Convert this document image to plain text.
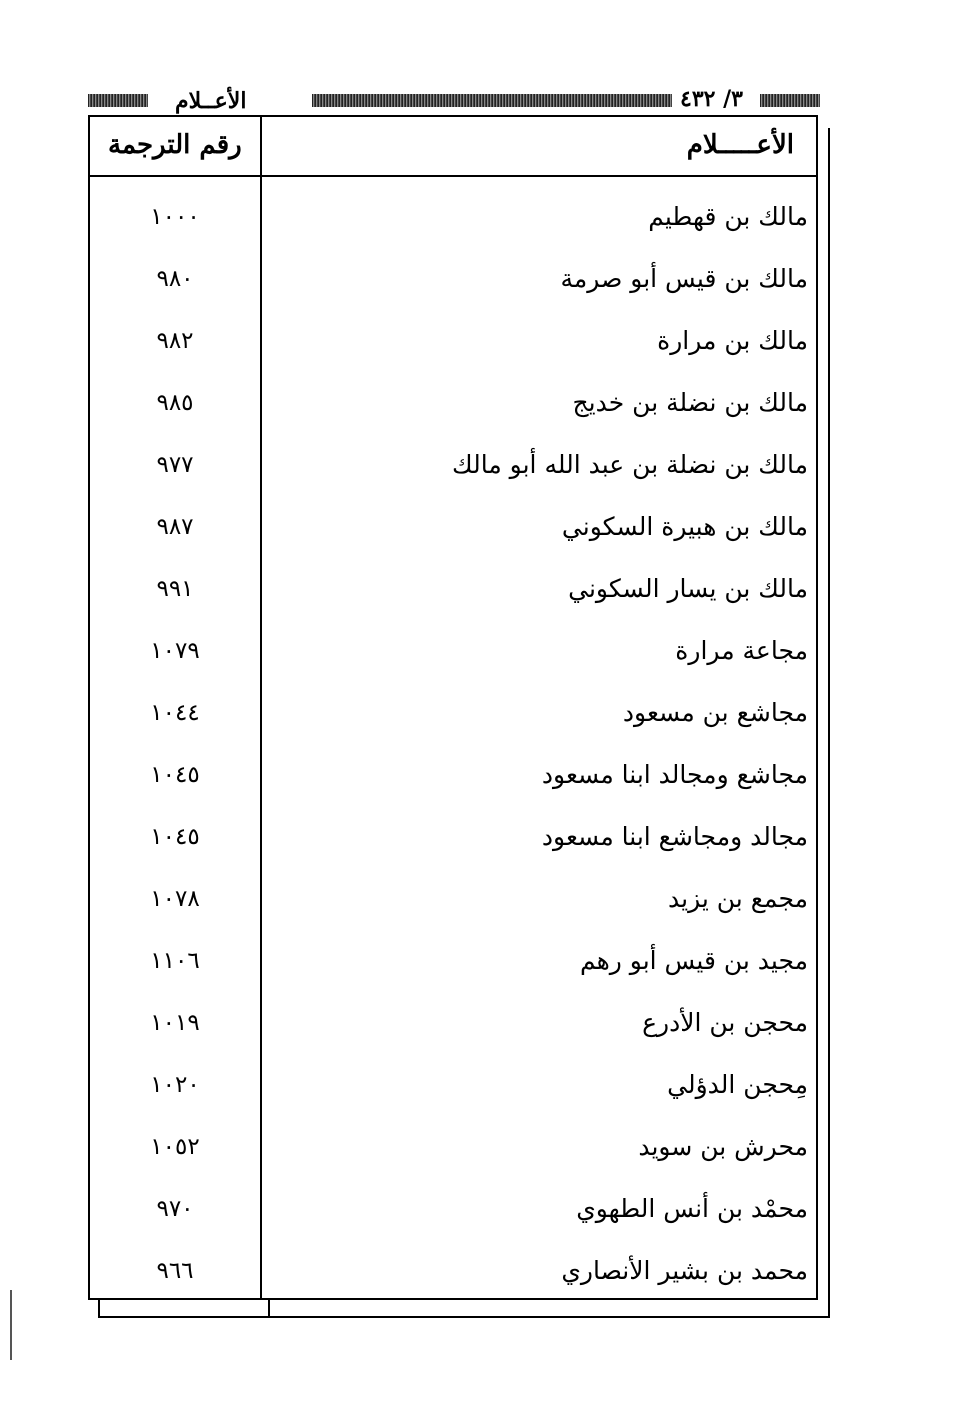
الأعــلام	٣/ ٤٣٢
الأعـــــلام
رقم الترجمة
مالك بن قهطيم
١٠٠٠
مالك بن قيس أبو صرمة
٩٨٠
مالك بن مرارة
٩٨٢
مالك بن نضلة بن خديج
٩٨٥
مالك بن نضلة بن عبد الله أبو مالك
٩٧٧
مالك بن هبيرة السكوني
٩٨٧
مالك بن يسار السكوني
٩٩١
مجاعة مرارة
١٠٧٩
مجاشع بن مسعود
١٠٤٤
مجاشع ومجالد ابنا مسعود
١٠٤٥
مجالد ومجاشع ابنا مسعود
١٠٤٥
مجمع بن يزيد
١٠٧٨
مجيد بن قيس أبو رهم
١١٠٦
محجن بن الأدرع
١٠١٩
مِحجن الدؤلي
١٠٢٠
محرش بن سويد
١٠٥٢
محمْد بن أنس الطهوي
٩٧٠
محمد بن بشير الأنصاري
٩٦٦
